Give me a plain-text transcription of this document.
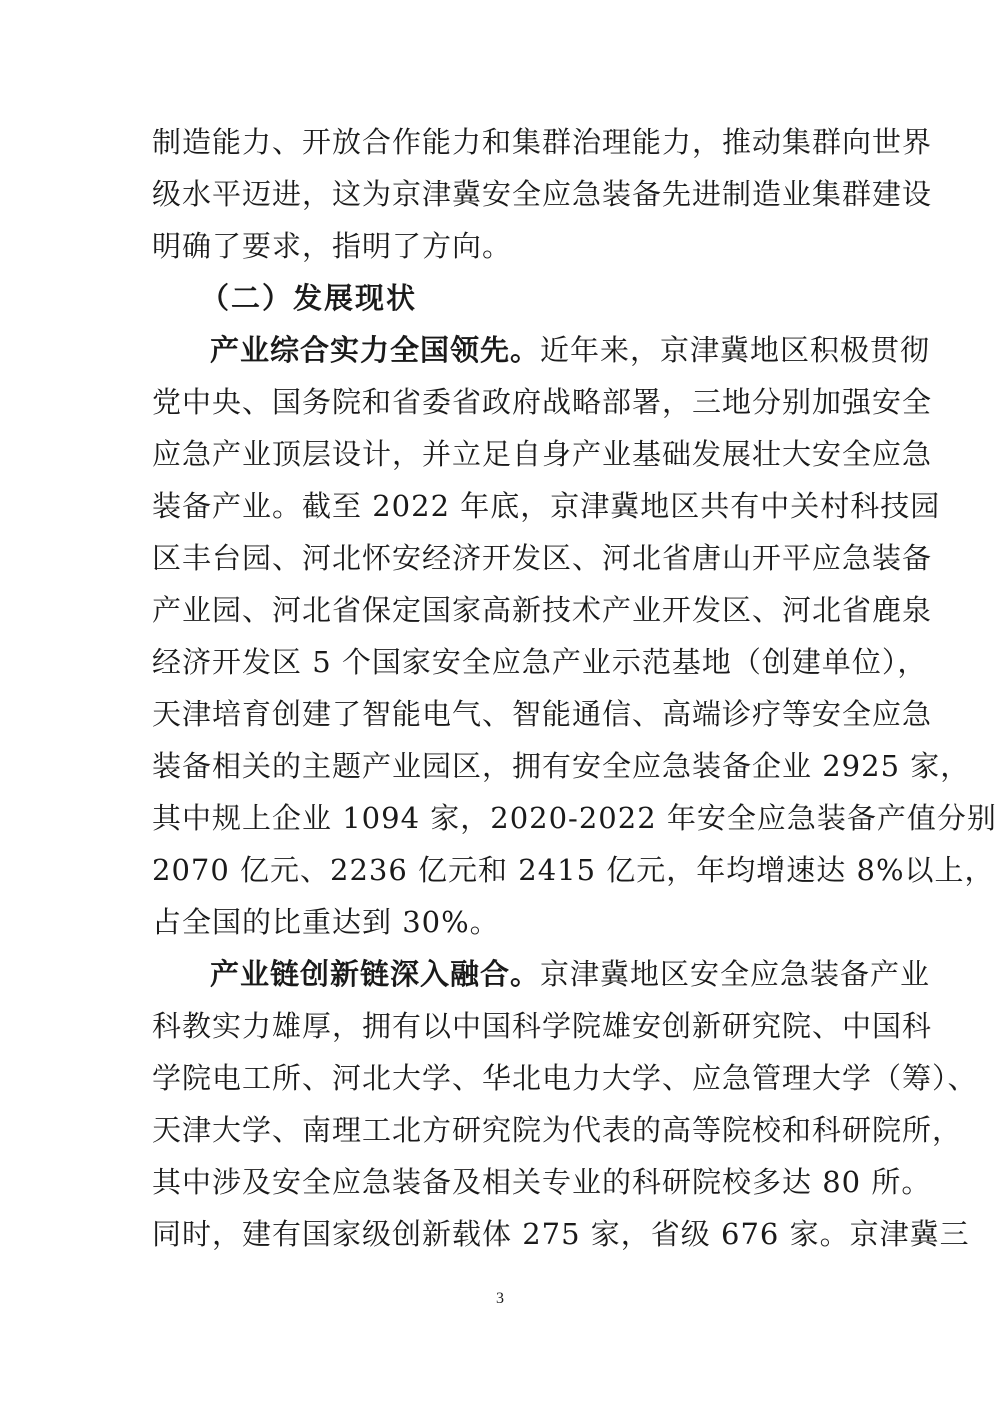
制造能力、开放合作能力和集群治理能力，推动集群向世界
级水平迈进，这为京津冀安全应急装备先进制造业集群建设
明确了要求，指明了方向。
（二）发展现状
产业综合实力全国领先。近年来，京津冀地区积极贯彻
党中央、国务院和省委省政府战略部署，三地分别加强安全
应急产业顶层设计，并立足自身产业基础发展壮大安全应急
装备产业。截至 2022 年底，京津冀地区共有中关村科技园
区丰台园、河北怀安经济开发区、河北省唐山开平应急装备
产业园、河北省保定国家高新技术产业开发区、河北省鹿泉
经济开发区 5 个国家安全应急产业示范基地（创建单位），
天津培育创建了智能电气、智能通信、高端诊疗等安全应急
装备相关的主题产业园区，拥有安全应急装备企业 2925 家，
其中规上企业 1094 家，2020-2022 年安全应急装备产值分别
2070 亿元、2236 亿元和 2415 亿元，年均增速达 8%以上，
占全国的比重达到 30%。
产业链创新链深入融合。京津冀地区安全应急装备产业
科教实力雄厚，拥有以中国科学院雄安创新研究院、中国科
学院电工所、河北大学、华北电力大学、应急管理大学（筹）、
天津大学、南理工北方研究院为代表的高等院校和科研院所，
其中涉及安全应急装备及相关专业的科研院校多达 80 所。
同时，建有国家级创新载体 275 家，省级 676 家。京津冀三
3
